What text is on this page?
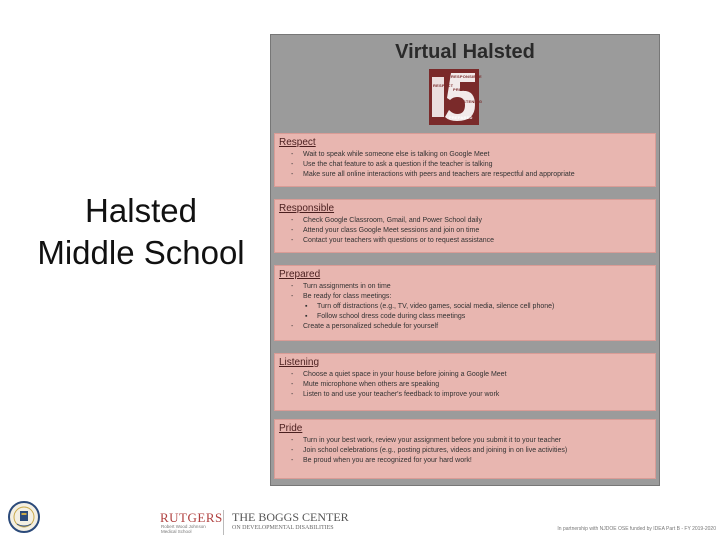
Halsted
Middle School
Virtual Halsted
RESPONSIBLE
RESPECT
PRIDE
LISTENING
PREPARED
Respect
- Wait to speak while someone else is talking on Google Meet
- Use the chat feature to ask a question if the teacher is talking
- Make sure all online interactions with peers and teachers are respectful and appropriate
Responsible
- Check Google Classroom, Gmail, and Power School daily
- Attend your class Google Meet sessions and join on time
- Contact your teachers with questions or to request assistance
Prepared
- Turn assignments in on time
- Be ready for class meetings:
▪ Turn off distractions (e.g., TV, video games, social media, silence cell phone)
▪ Follow school dress code during class meetings
- Create a personalized schedule for yourself
Listening
- Choose a quiet space in your house before joining a Google Meet
- Mute microphone when others are speaking
- Listen to and use your teacher's feedback to improve your work
Pride
- Turn in your best work, review your assignment before you submit it to your teacher
- Join school celebrations (e.g., posting pictures, videos and joining in on live activities)
- Be proud when you are recognized for your hard work!
RUTGERS
Robert Wood Johnson
Medical School
THE BOGGS CENTER
ON DEVELOPMENTAL DISABILITIES	In partnership with NJDOE OSE funded by IDEA Part B - FY 2019-2020
